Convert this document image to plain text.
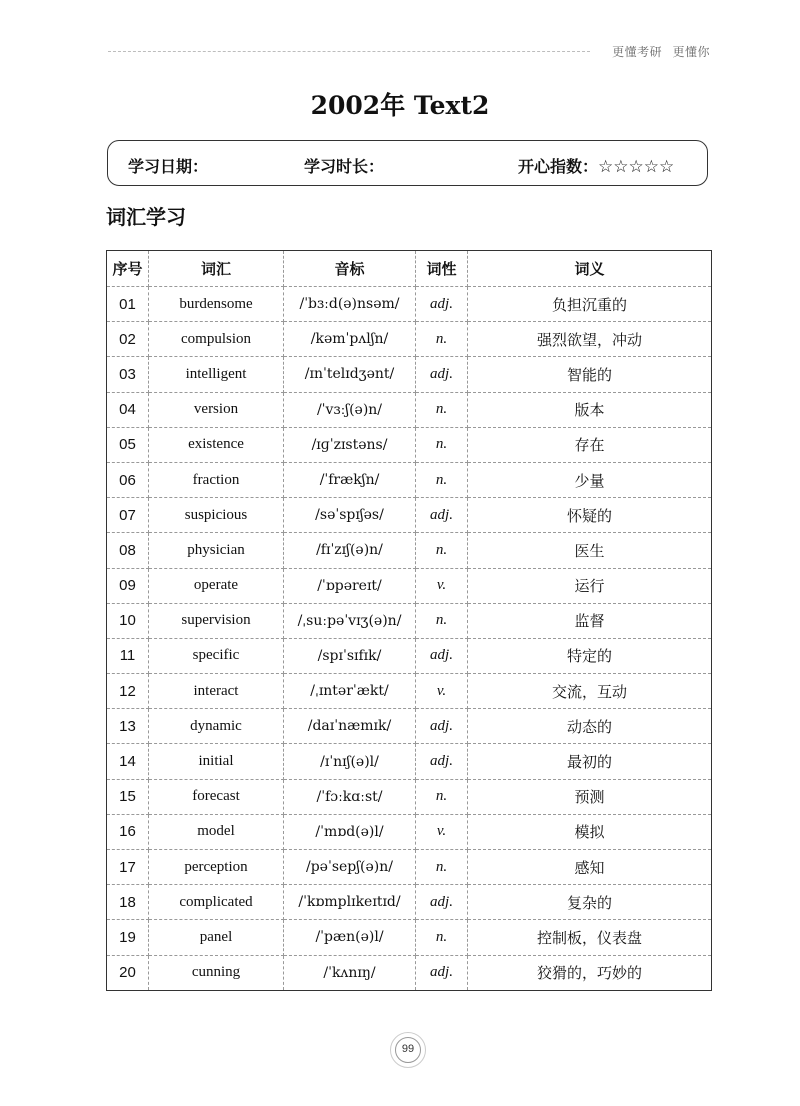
更懂考研 更懂你
2002年 Text2
学习日期：	学习时长：	开心指数：☆☆☆☆☆
词汇学习
序号	词汇	音标	词性	词义
01	burdensome	/ˈbɜːd(ə)nsəm/	adj.	负担沉重的
02	compulsion	/kəmˈpʌlʃn/	n.	强烈欲望，冲动
03	intelligent	/ɪnˈtelɪdʒənt/	adj.	智能的
04	version	/ˈvɜːʃ(ə)n/	n.	版本
05	existence	/ɪɡˈzɪstəns/	n.	存在
06	fraction	/ˈfrækʃn/	n.	少量
07	suspicious	/səˈspɪʃəs/	adj.	怀疑的
08	physician	/fɪˈzɪʃ(ə)n/	n.	医生
09	operate	/ˈɒpəreɪt/	v.	运行
10	supervision	/ˌsuːpəˈvɪʒ(ə)n/	n.	监督
11	specific	/spɪˈsɪfɪk/	adj.	特定的
12	interact	/ˌɪntərˈækt/	v.	交流，互动
13	dynamic	/daɪˈnæmɪk/	adj.	动态的
14	initial	/ɪˈnɪʃ(ə)l/	adj.	最初的
15	forecast	/ˈfɔːkɑːst/	n.	预测
16	model	/ˈmɒd(ə)l/	v.	模拟
17	perception	/pəˈsepʃ(ə)n/	n.	感知
18	complicated	/ˈkɒmplɪkeɪtɪd/	adj.	复杂的
19	panel	/ˈpæn(ə)l/	n.	控制板，仪表盘
20	cunning	/ˈkʌnɪŋ/	adj.	狡猾的，巧妙的
99
